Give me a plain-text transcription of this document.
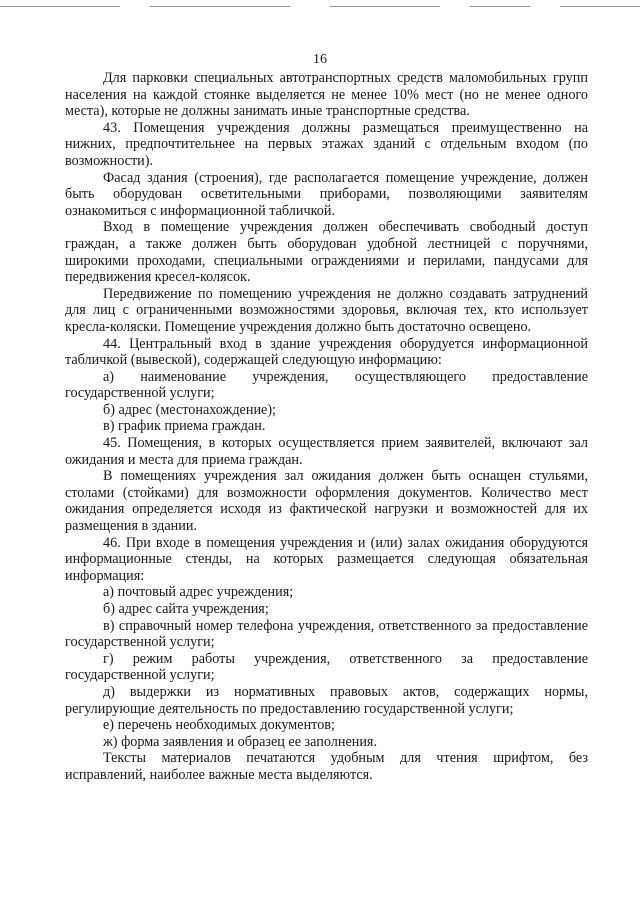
16

Для парковки специальных автотранспортных средств маломобильных групп населения на каждой стоянке выделяется не менее 10% мест (но не менее одного места), которые не должны занимать иные транспортные средства.

43. Помещения учреждения должны размещаться преимущественно на нижних, предпочтительнее на первых этажах зданий с отдельным входом (по возможности).

Фасад здания (строения), где располагается помещение учреждение, должен быть оборудован осветительными приборами, позволяющими заявителям ознакомиться с информационной табличкой.

Вход в помещение учреждения должен обеспечивать свободный доступ граждан, а также должен быть оборудован удобной лестницей с поручнями, широкими проходами, специальными ограждениями и перилами, пандусами для передвижения кресел-колясок.

Передвижение по помещению учреждения не должно создавать затруднений для лиц с ограниченными возможностями здоровья, включая тех, кто использует кресла-коляски. Помещение учреждения должно быть достаточно освещено.

44. Центральный вход в здание учреждения оборудуется информационной табличкой (вывеской), содержащей следующую информацию:

а) наименование учреждения, осуществляющего предоставление государственной услуги;

б) адрес (местонахождение);

в) график приема граждан.

45. Помещения, в которых осуществляется прием заявителей, включают зал ожидания и места для приема граждан.

В помещениях учреждения зал ожидания должен быть оснащен стульями, столами (стойками) для возможности оформления документов. Количество мест ожидания определяется исходя из фактической нагрузки и возможностей для их размещения в здании.

46. При входе в помещения учреждения и (или) залах ожидания оборудуются информационные стенды, на которых размещается следующая обязательная информация:

а) почтовый адрес учреждения;

б) адрес сайта учреждения;

в) справочный номер телефона учреждения, ответственного за предоставление государственной услуги;

г) режим работы учреждения, ответственного за предоставление государственной услуги;

д) выдержки из нормативных правовых актов, содержащих нормы, регулирующие деятельность по предоставлению государственной услуги;

е) перечень необходимых документов;

ж) форма заявления и образец ее заполнения.

Тексты материалов печатаются удобным для чтения шрифтом, без исправлений, наиболее важные места выделяются.
